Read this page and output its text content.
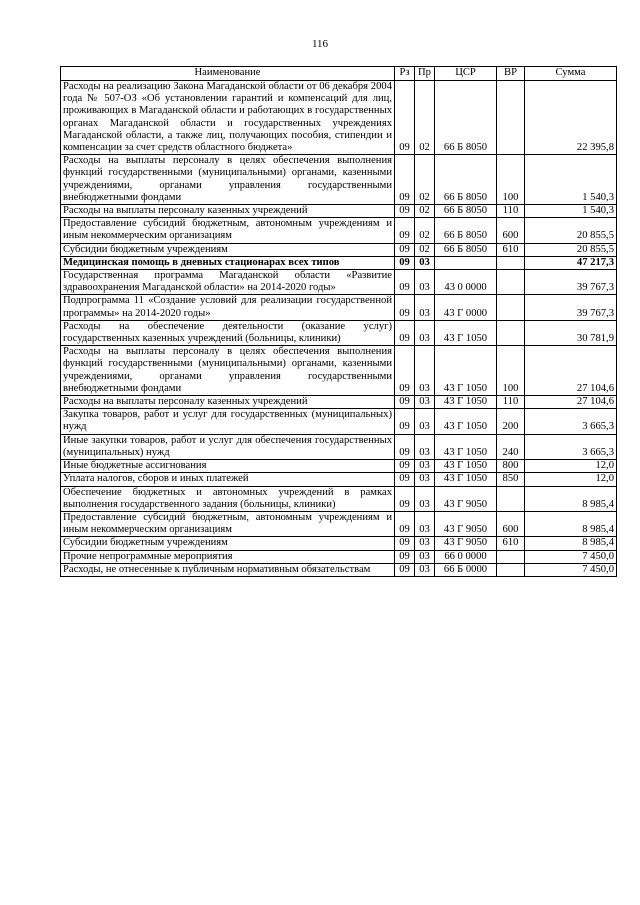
116
Наименование	Рз	Пр	ЦСР	ВР	Сумма
Расходы на реализацию Закона Магаданской области от 06 декабря 2004 года № 507-ОЗ «Об установлении гарантий и компенсаций для лиц, проживающих в Магаданской области и работающих в государственных органах Магаданской области и государственных учреждениях Магаданской области, а также лиц, получающих пособия, стипендии и компенсации за счет средств областного бюджета»	09	02	66 Б 8050		22 395,8
Расходы на выплаты персоналу в целях обеспечения выполнения функций государственными (муниципальными) органами, казенными учреждениями, органами управления государственными внебюджетными фондами	09	02	66 Б 8050	100	1 540,3
Расходы на выплаты персоналу казенных учреждений	09	02	66 Б 8050	110	1 540,3
Предоставление субсидий бюджетным, автономным учреждениям и иным некоммерческим организациям	09	02	66 Б 8050	600	20 855,5
Субсидии бюджетным учреждениям	09	02	66 Б 8050	610	20 855,5
Медицинская помощь в дневных стационарах всех типов	09	03			47 217,3
Государственная программа Магаданской области «Развитие здравоохранения Магаданской области» на 2014-2020 годы»	09	03	43 0 0000		39 767,3
Подпрограмма 11 «Создание условий для реализации государственной программы» на 2014-2020 годы»	09	03	43 Г 0000		39 767,3
Расходы на обеспечение деятельности (оказание услуг) государственных казенных учреждений (больницы, клиники)	09	03	43 Г 1050		30 781,9
Расходы на выплаты персоналу в целях обеспечения выполнения функций государственными (муниципальными) органами, казенными учреждениями, органами управления государственными внебюджетными фондами	09	03	43 Г 1050	100	27 104,6
Расходы на выплаты персоналу казенных учреждений	09	03	43 Г 1050	110	27 104,6
Закупка товаров, работ и услуг для государственных (муниципальных) нужд	09	03	43 Г 1050	200	3 665,3
Иные закупки товаров, работ и услуг для обеспечения государственных (муниципальных) нужд	09	03	43 Г 1050	240	3 665,3
Иные бюджетные ассигнования	09	03	43 Г 1050	800	12,0
Уплата налогов, сборов и иных платежей	09	03	43 Г 1050	850	12,0
Обеспечение бюджетных и автономных учреждений в рамках выполнения государственного задания (больницы, клиники)	09	03	43 Г 9050		8 985,4
Предоставление субсидий бюджетным, автономным учреждениям и иным некоммерческим организациям	09	03	43 Г 9050	600	8 985,4
Субсидии бюджетным учреждениям	09	03	43 Г 9050	610	8 985,4
Прочие непрограммные мероприятия	09	03	66 0 0000		7 450,0
Расходы, не отнесенные к публичным нормативным обязательствам	09	03	66 Б 0000		7 450,0
